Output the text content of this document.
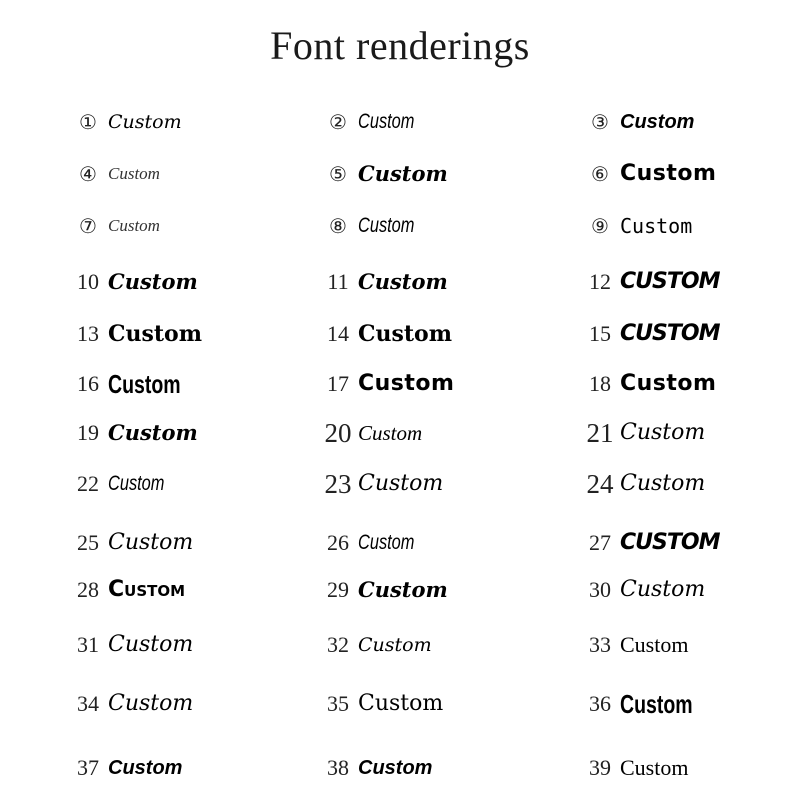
Font renderings
① Custom	② Custom	③ Custom
④ Custom	⑤ Custom	⑥ Custom
⑦ Custom	⑧ Custom	⑨ Custom
10 Custom	11 Custom	12 CUSTOM
13 Custom	14 Custom	15 CUSTOM
16 Custom	17 Custom	18 Custom
19 Custom	20 Custom	21 Custom
22 Custom	23 Custom	24 Custom
25 Custom	26 Custom	27 CUSTOM
28 Custom	29 Custom	30 Custom
31 Custom	32 Custom	33 Custom
34 Custom	35 Custom	36 Custom
37 Custom	38 Custom	39 Custom
